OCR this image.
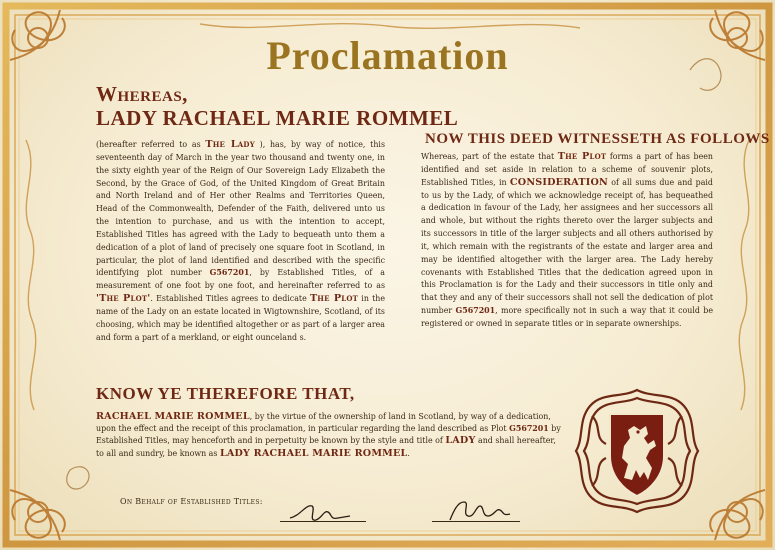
Proclamation
Whereas,
LADY RACHAEL MARIE ROMMEL
(hereafter referred to as The Lady ), has, by way of notice, this seventeenth day of March in the year two thousand and twenty one, in the sixty eighth year of the Reign of Our Sovereign Lady Elizabeth the Second, by the Grace of God, of the United Kingdom of Great Britain and North Ireland and of Her other Realms and Territories Queen, Head of the Commonwealth, Defender of the Faith, delivered unto us the intention to purchase, and us with the intention to accept, Established Titles has agreed with the Lady to bequeath unto them a dedication of a plot of land of precisely one square foot in Scotland, in particular, the plot of land identified and described with the specific identifying plot number G567201, by Established Titles, of a measurement of one foot by one foot, and hereinafter referred to as 'The Plot'. Established Titles agrees to dedicate The Plot in the name of the Lady on an estate located in Wigtownshire, Scotland, of its choosing, which may be identified altogether or as part of a larger area and form a part of a merkland, or eight ounceland s.
NOW THIS DEED WITNESSETH AS FOLLOWS
Whereas, part of the estate that The Plot forms a part of has been identified and set aside in relation to a scheme of souvenir plots, Established Titles, in CONSIDERATION of all sums due and paid to us by the Lady, of which we acknowledge receipt of, has bequeathed a dedication in favour of the Lady, her assignees and her successors all and whole, but without the rights thereto over the larger subjects and its successors in title of the larger subjects and all others authorised by it, which remain with the registrants of the estate and larger area and may be identified altogether with the larger area. The Lady hereby covenants with Established Titles that the dedication agreed upon in this Proclamation is for the Lady and their successors in title only and that they and any of their successors shall not sell the dedication of plot number G567201, more specifically not in such a way that it could be registered or owned in separate titles or in separate ownerships.
KNOW YE THEREFORE THAT,
RACHAEL MARIE ROMMEL, by the virtue of the ownership of land in Scotland, by way of a dedication, upon the effect and the receipt of this proclamation, in particular regarding the land described as Plot G567201 by Established Titles, may henceforth and in perpetuity be known by the style and title of LADY and shall hereafter, to all and sundry, be known as LADY RACHAEL MARIE ROMMEL.
On Behalf of Established Titles:
